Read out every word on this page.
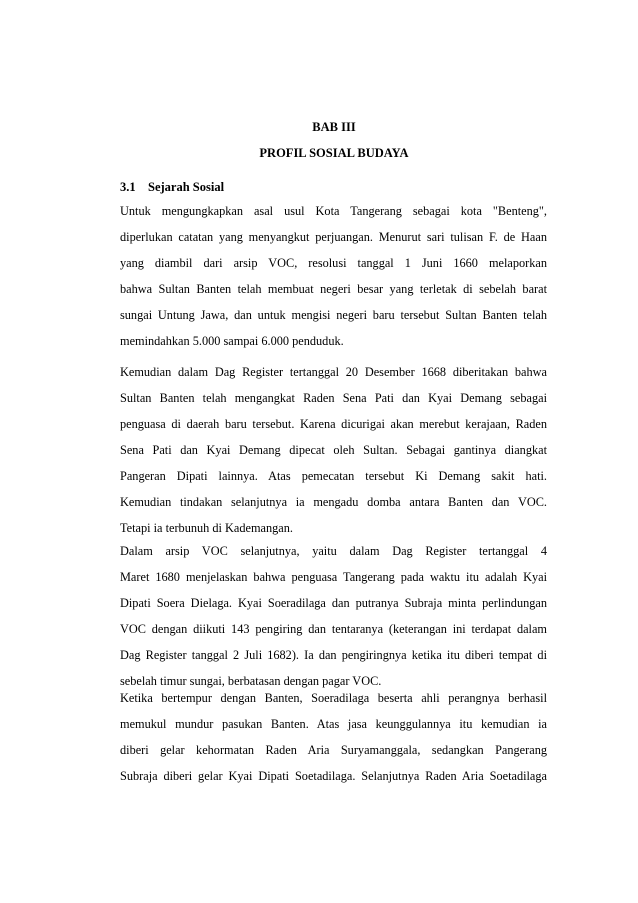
BAB III
PROFIL SOSIAL BUDAYA
3.1 Sejarah Sosial
Untuk mengungkapkan asal usul Kota Tangerang sebagai kota "Benteng",
diperlukan catatan yang menyangkut perjuangan. Menurut sari tulisan F. de Haan
yang diambil dari arsip VOC, resolusi tanggal 1 Juni 1660 melaporkan
bahwa Sultan Banten telah membuat negeri besar yang terletak di sebelah barat
sungai Untung Jawa, dan untuk mengisi negeri baru tersebut Sultan Banten telah
memindahkan 5.000 sampai 6.000 penduduk.
Kemudian dalam Dag Register tertanggal 20 Desember 1668 diberitakan bahwa
Sultan Banten telah mengangkat Raden Sena Pati dan Kyai Demang sebagai
penguasa di daerah baru tersebut. Karena dicurigai akan merebut kerajaan, Raden
Sena Pati dan Kyai Demang dipecat oleh Sultan. Sebagai gantinya diangkat
Pangeran Dipati lainnya. Atas pemecatan tersebut Ki Demang sakit hati.
Kemudian tindakan selanjutnya ia mengadu domba antara Banten dan VOC.
Tetapi ia terbunuh di Kademangan.
Dalam arsip VOC selanjutnya, yaitu dalam Dag Register tertanggal 4
Maret 1680 menjelaskan bahwa penguasa Tangerang pada waktu itu adalah Kyai
Dipati Soera Dielaga. Kyai Soeradilaga dan putranya Subraja minta perlindungan
VOC dengan diikuti 143 pengiring dan tentaranya (keterangan ini terdapat dalam
Dag Register tanggal 2 Juli 1682). Ia dan pengiringnya ketika itu diberi tempat di
sebelah timur sungai, berbatasan dengan pagar VOC.
Ketika bertempur dengan Banten, Soeradilaga beserta ahli perangnya berhasil
memukul mundur pasukan Banten. Atas jasa keunggulannya itu kemudian ia
diberi gelar kehormatan Raden Aria Suryamanggala, sedangkan Pangerang
Subraja diberi gelar Kyai Dipati Soetadilaga. Selanjutnya Raden Aria Soetadilaga
